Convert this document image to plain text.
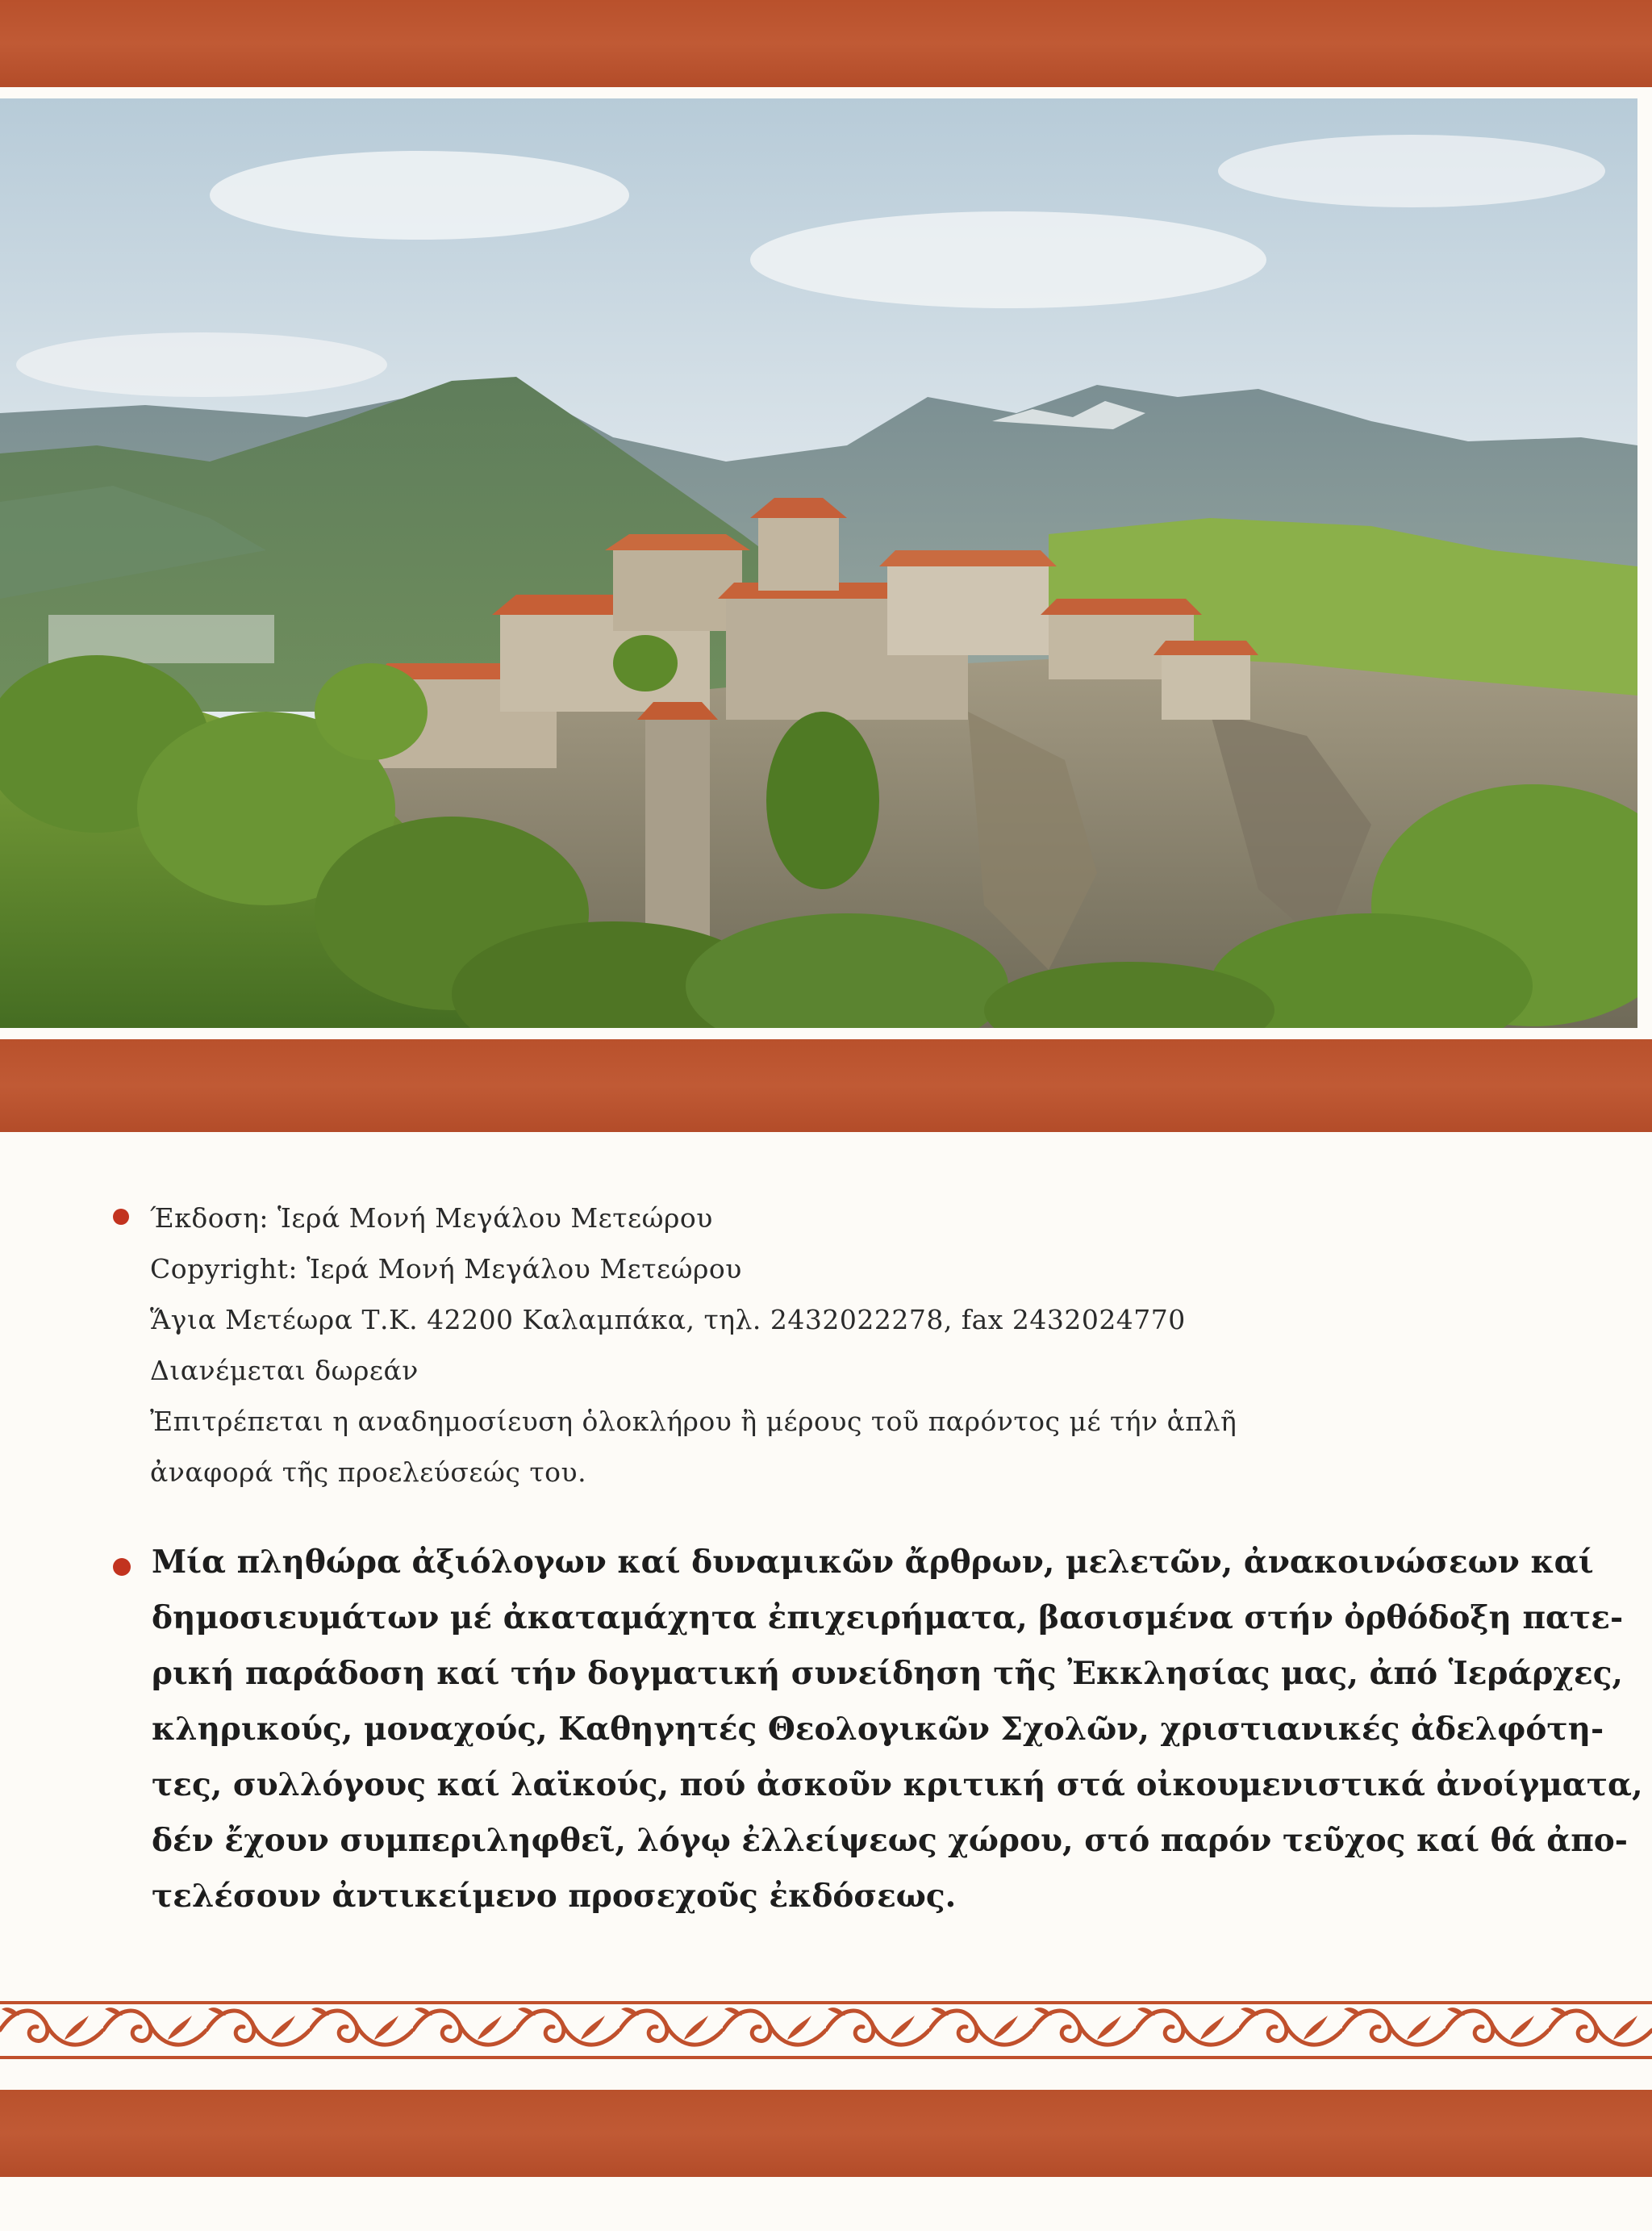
Έκδοση: Ἱερά Μονή Μεγάλου Μετεώρου
Copyright: Ἱερά Μονή Μεγάλου Μετεώρου
Ἅγια Μετέωρα Τ.Κ. 42200 Καλαμπάκα, τηλ. 2432022278, fax 2432024770
Διανέμεται δωρεάν
Ἐπιτρέπεται η αναδημοσίευση ὁλοκλήρου ἢ μέρους τοῦ παρόντος μέ τήν ἁπλῆ
ἀναφορά τῆς προελεύσεώς του.
Μία πληθώρα ἀξιόλογων καί δυναμικῶν ἄρθρων, μελετῶν, ἀνακοινώσεων καί
δημοσιευμάτων μέ ἀκαταμάχητα ἐπιχειρήματα, βασισμένα στήν ὀρθόδοξη πατε-
ρική παράδοση καί τήν δογματική συνείδηση τῆς Ἐκκλησίας μας, ἀπό Ἱεράρχες,
κληρικούς, μοναχούς, Καθηγητές Θεολογικῶν Σχολῶν, χριστιανικές ἀδελφότη-
τες, συλλόγους καί λαϊκούς, πού ἀσκοῦν κριτική στά οἰκουμενιστικά ἀνοίγματα,
δέν ἔχουν συμπεριληφθεῖ, λόγῳ ἐλλείψεως χώρου, στό παρόν τεῦχος καί θά ἀπο-
τελέσουν ἀντικείμενο προσεχοῦς ἐκδόσεως.
